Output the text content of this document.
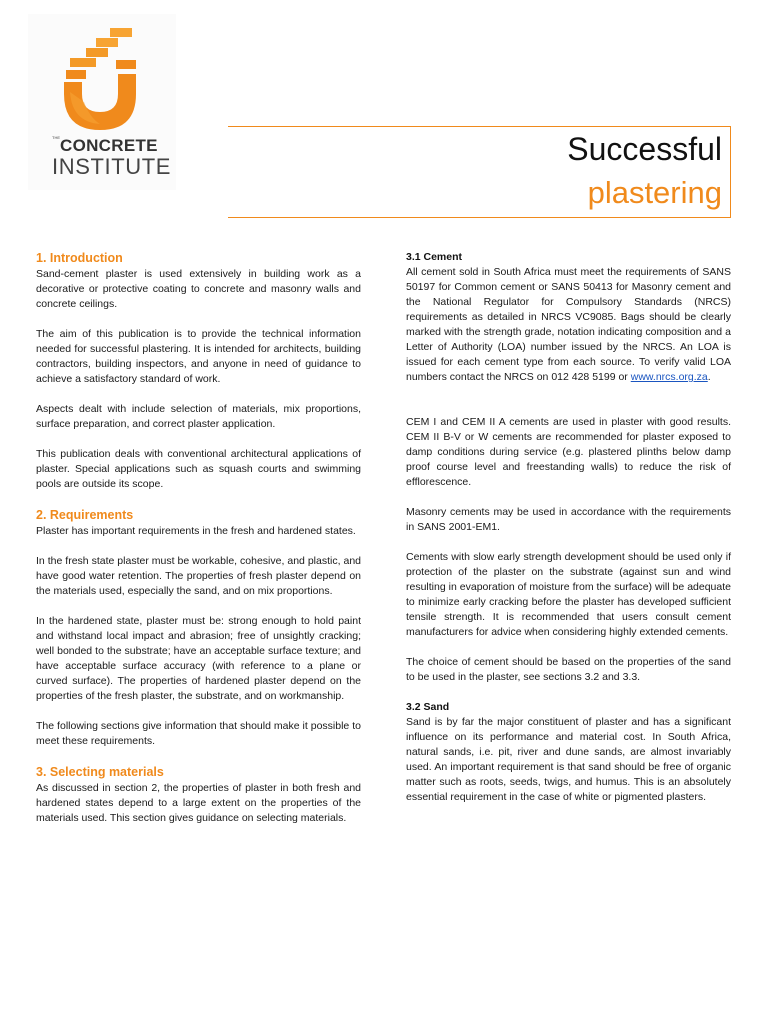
THE CONCRETE
INSTITUTE	Successful
plastering
1. Introduction

Sand-cement plaster is used extensively in building work as a decorative or protective coating to concrete and masonry walls and concrete ceilings.

The aim of this publication is to provide the technical information needed for successful plastering. It is intended for architects, building contractors, building inspectors, and anyone in need of guidance to achieve a satisfactory standard of work.

Aspects dealt with include selection of materials, mix proportions, surface preparation, and correct plaster application.

This publication deals with conventional architectural applications of plaster. Special applications such as squash courts and swimming pools are outside its scope.

2. Requirements

Plaster has important requirements in the fresh and hardened states.

In the fresh state plaster must be workable, cohesive, and plastic, and have good water retention. The properties of fresh plaster depend on the materials used, especially the sand, and on mix proportions.

In the hardened state, plaster must be: strong enough to hold paint and withstand local impact and abrasion; free of unsightly cracking; well bonded to the substrate; have an acceptable surface texture; and have acceptable surface accuracy (with reference to a plane or curved surface). The properties of hardened plaster depend on the properties of the fresh plaster, the substrate, and on workmanship.

The following sections give information that should make it possible to meet these requirements.

3. Selecting materials

As discussed in section 2, the properties of plaster in both fresh and hardened states depend to a large extent on the properties of the materials used. This section gives guidance on selecting materials.

3.1 Cement

All cement sold in South Africa must meet the requirements of SANS 50197 for Common cement or SANS 50413 for Masonry cement and the National Regulator for Compulsory Standards (NRCS) requirements as detailed in NRCS VC9085. Bags should be clearly marked with the strength grade, notation indicating composition and a Letter of Authority (LOA) number issued by the NRCS. An LOA is issued for each cement type from each source. To verify valid LOA numbers contact the NRCS on 012 428 5199 or www.nrcs.org.za.

CEM I and CEM II A cements are used in plaster with good results. CEM II B-V or W cements are recommended for plaster exposed to damp conditions during service (e.g. plastered plinths below damp proof course level and freestanding walls) to reduce the risk of efflorescence.

Masonry cements may be used in accordance with the requirements in SANS 2001-EM1.

Cements with slow early strength development should be used only if protection of the plaster on the substrate (against sun and wind resulting in evaporation of moisture from the surface) will be adequate to minimize early cracking before the plaster has developed sufficient tensile strength. It is recommended that users consult cement manufacturers for advice when considering highly extended cements.

The choice of cement should be based on the properties of the sand to be used in the plaster, see sections 3.2 and 3.3.

3.2 Sand

Sand is by far the major constituent of plaster and has a significant influence on its performance and material cost. In South Africa, natural sands, i.e. pit, river and dune sands, are almost invariably used. An important requirement is that sand should be free of organic matter such as roots, seeds, twigs, and humus. This is an absolutely essential requirement in the case of white or pigmented plasters.
